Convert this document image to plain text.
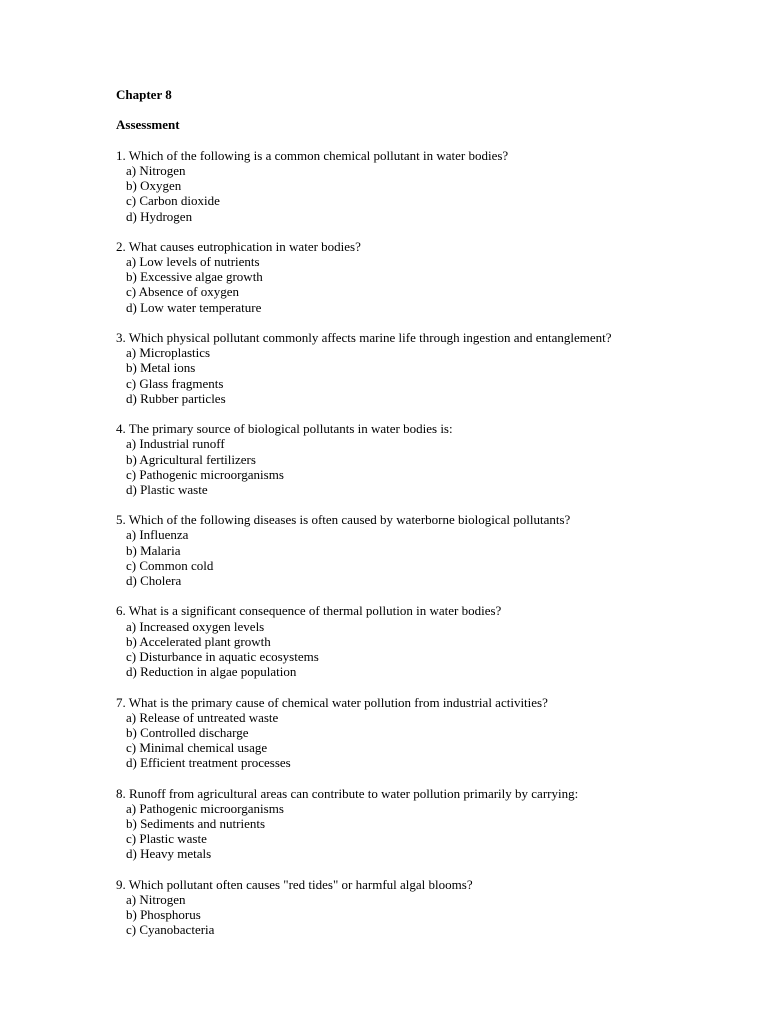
Chapter 8

Assessment

1. Which of the following is a common chemical pollutant in water bodies?

a) Nitrogen

b) Oxygen

c) Carbon dioxide

d) Hydrogen

2. What causes eutrophication in water bodies?

a) Low levels of nutrients

b) Excessive algae growth

c) Absence of oxygen

d) Low water temperature

3. Which physical pollutant commonly affects marine life through ingestion and entanglement?

a) Microplastics

b) Metal ions

c) Glass fragments

d) Rubber particles

4. The primary source of biological pollutants in water bodies is:

a) Industrial runoff

b) Agricultural fertilizers

c) Pathogenic microorganisms

d) Plastic waste

5. Which of the following diseases is often caused by waterborne biological pollutants?

a) Influenza

b) Malaria

c) Common cold

d) Cholera

6. What is a significant consequence of thermal pollution in water bodies?

a) Increased oxygen levels

b) Accelerated plant growth

c) Disturbance in aquatic ecosystems

d) Reduction in algae population

7. What is the primary cause of chemical water pollution from industrial activities?

a) Release of untreated waste

b) Controlled discharge

c) Minimal chemical usage

d) Efficient treatment processes

8. Runoff from agricultural areas can contribute to water pollution primarily by carrying:

a) Pathogenic microorganisms

b) Sediments and nutrients

c) Plastic waste

d) Heavy metals

9. Which pollutant often causes "red tides" or harmful algal blooms?

a) Nitrogen

b) Phosphorus

c) Cyanobacteria
